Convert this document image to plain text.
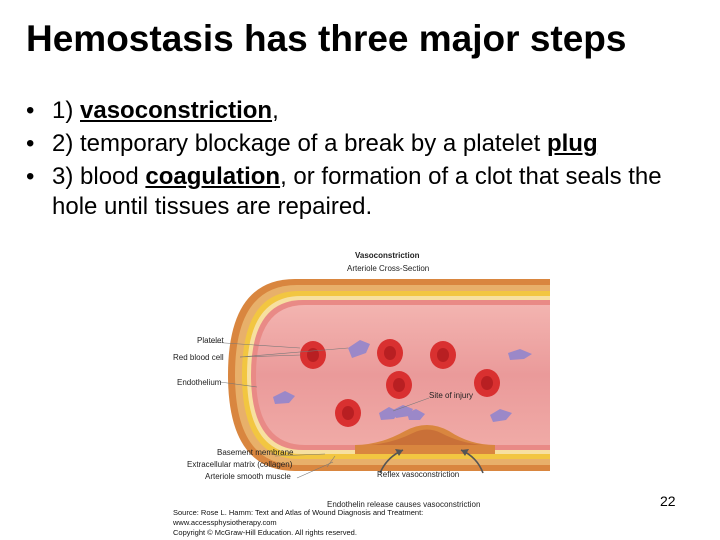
Hemostasis has three major steps
• 1) vasoconstriction,
• 2) temporary blockage of a break by a platelet plug
• 3) blood coagulation, or formation of a clot that seals the hole until tissues are repaired.
Vasoconstriction
Arteriole Cross-Section
Platelet
Red blood cell
Endothelium
Site of injury
Basement membrane
Extracellular matrix (collagen)
Arteriole smooth muscle	Reflex vasoconstriction
Endothelin release causes vasoconstriction
Source: Rose L. Hamm: Text and Atlas of Wound Diagnosis and Treatment:
www.accessphysiotherapy.com
Copyright © McGraw-Hill Education. All rights reserved.
22
